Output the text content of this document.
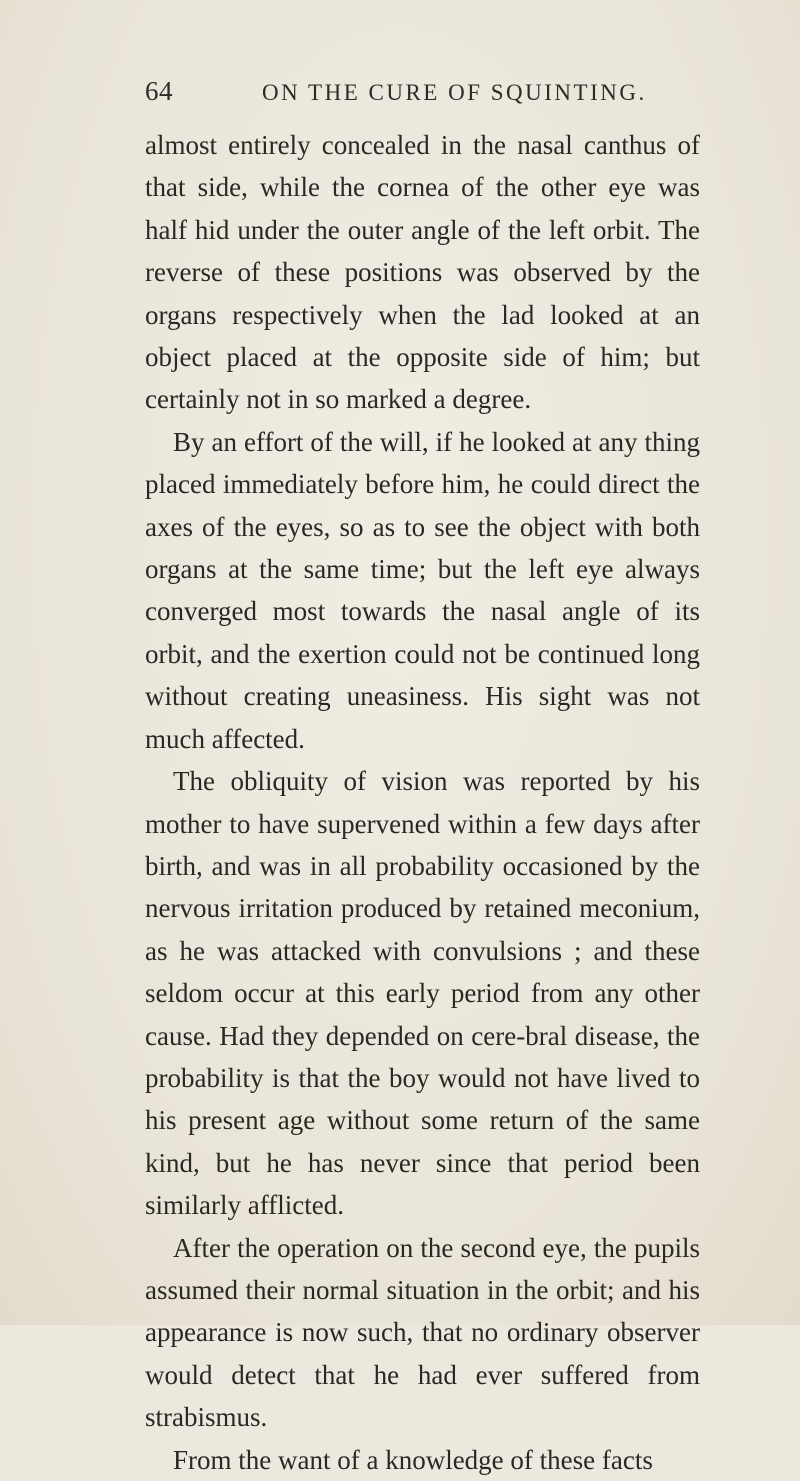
64	ON THE CURE OF SQUINTING.

almost entirely concealed in the nasal canthus of that side, while the cornea of the other eye was half hid under the outer angle of the left orbit. The reverse of these positions was observed by the organs respectively when the lad looked at an object placed at the opposite side of him; but certainly not in so marked a degree.

By an effort of the will, if he looked at any thing placed immediately before him, he could direct the axes of the eyes, so as to see the object with both organs at the same time; but the left eye always converged most towards the nasal angle of its orbit, and the exertion could not be continued long without creating uneasiness. His sight was not much affected.

The obliquity of vision was reported by his mother to have supervened within a few days after birth, and was in all probability occasioned by the nervous irritation produced by retained meconium, as he was attacked with convulsions ; and these seldom occur at this early period from any other cause. Had they depended on cere-bral disease, the probability is that the boy would not have lived to his present age without some return of the same kind, but he has never since that period been similarly afflicted.

After the operation on the second eye, the pupils assumed their normal situation in the orbit; and his appearance is now such, that no ordinary observer would detect that he had ever suffered from strabismus.

From the want of a knowledge of these facts
